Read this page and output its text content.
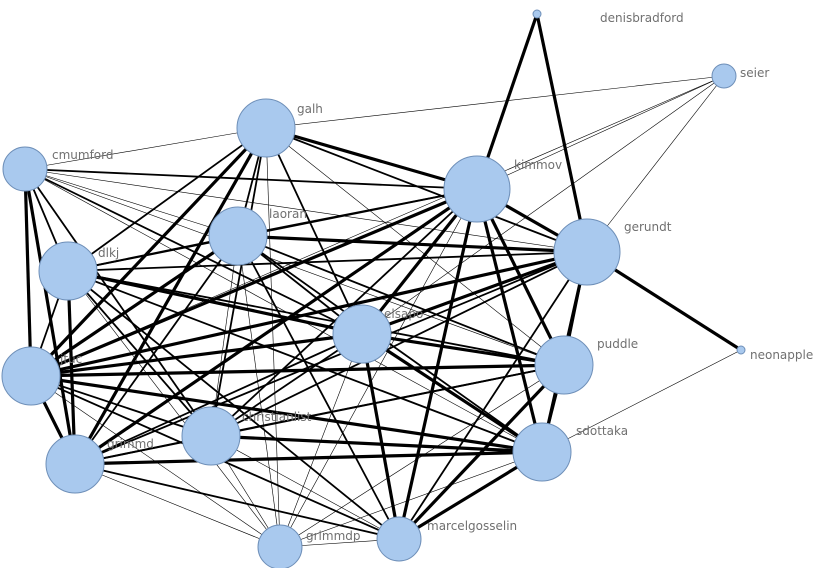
denisbradford
seier
galh
cmumford
kimmov
laoran
gerundt
dlkj
elsapo
neonapple
jtuc
puddle
christianlist
sdottaka
grimmd
grimmdp
marcelgosselin
